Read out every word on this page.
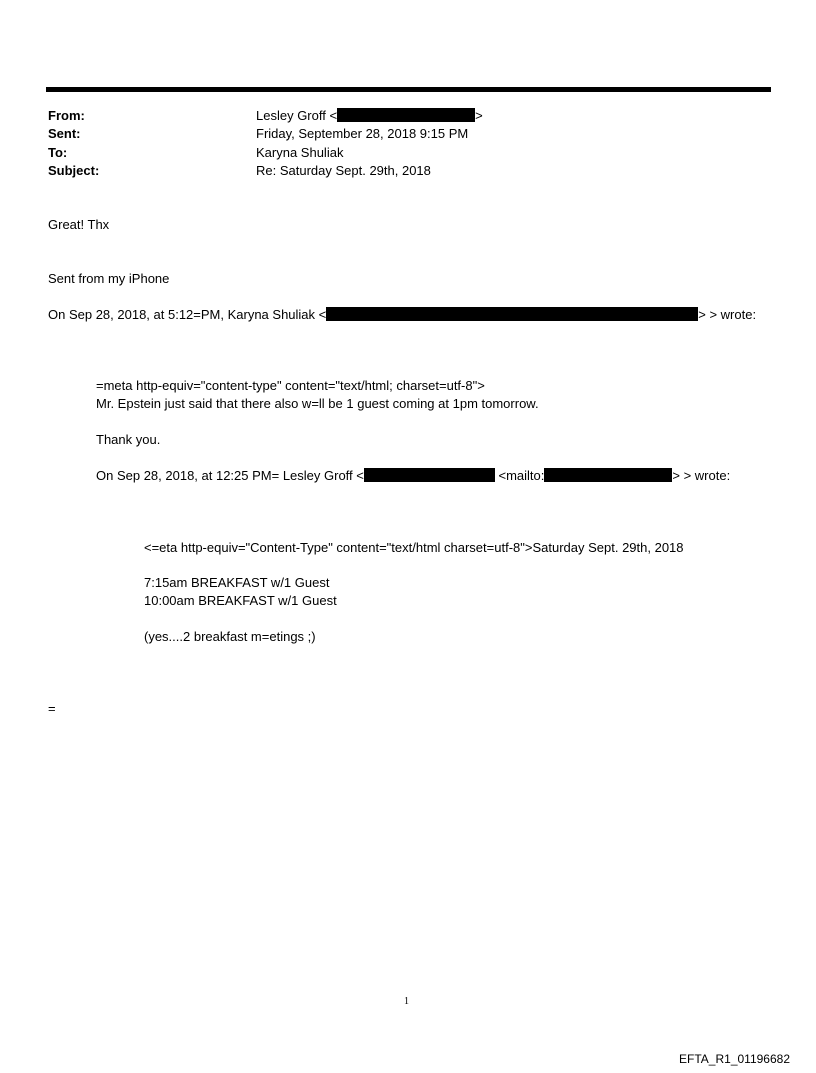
From:	Lesley Groff <	>
Sent:	Friday, September 28, 2018 9:15 PM
To:	Karyna Shuliak
Subject:	Re: Saturday Sept. 29th, 2018
Great! Thx
Sent from my iPhone
On Sep 28, 2018, at 5:12=PM, Karyna Shuliak <	> > wrote:
=meta http-equiv="content-type" content="text/html; charset=utf-8">
Mr. Epstein just said that there also w=ll be 1 guest coming at 1pm tomorrow.
Thank you.
On Sep 28, 2018, at 12:25 PM= Lesley Groff <	<mailto:	> > wrote:
<=eta http-equiv="Content-Type" content="text/html charset=utf-8">Saturday Sept. 29th, 2018
7:15am BREAKFAST w/1 Guest
10:00am BREAKFAST w/1 Guest
(yes....2 breakfast m=etings ;)
=
1
EFTA_R1_01196682
